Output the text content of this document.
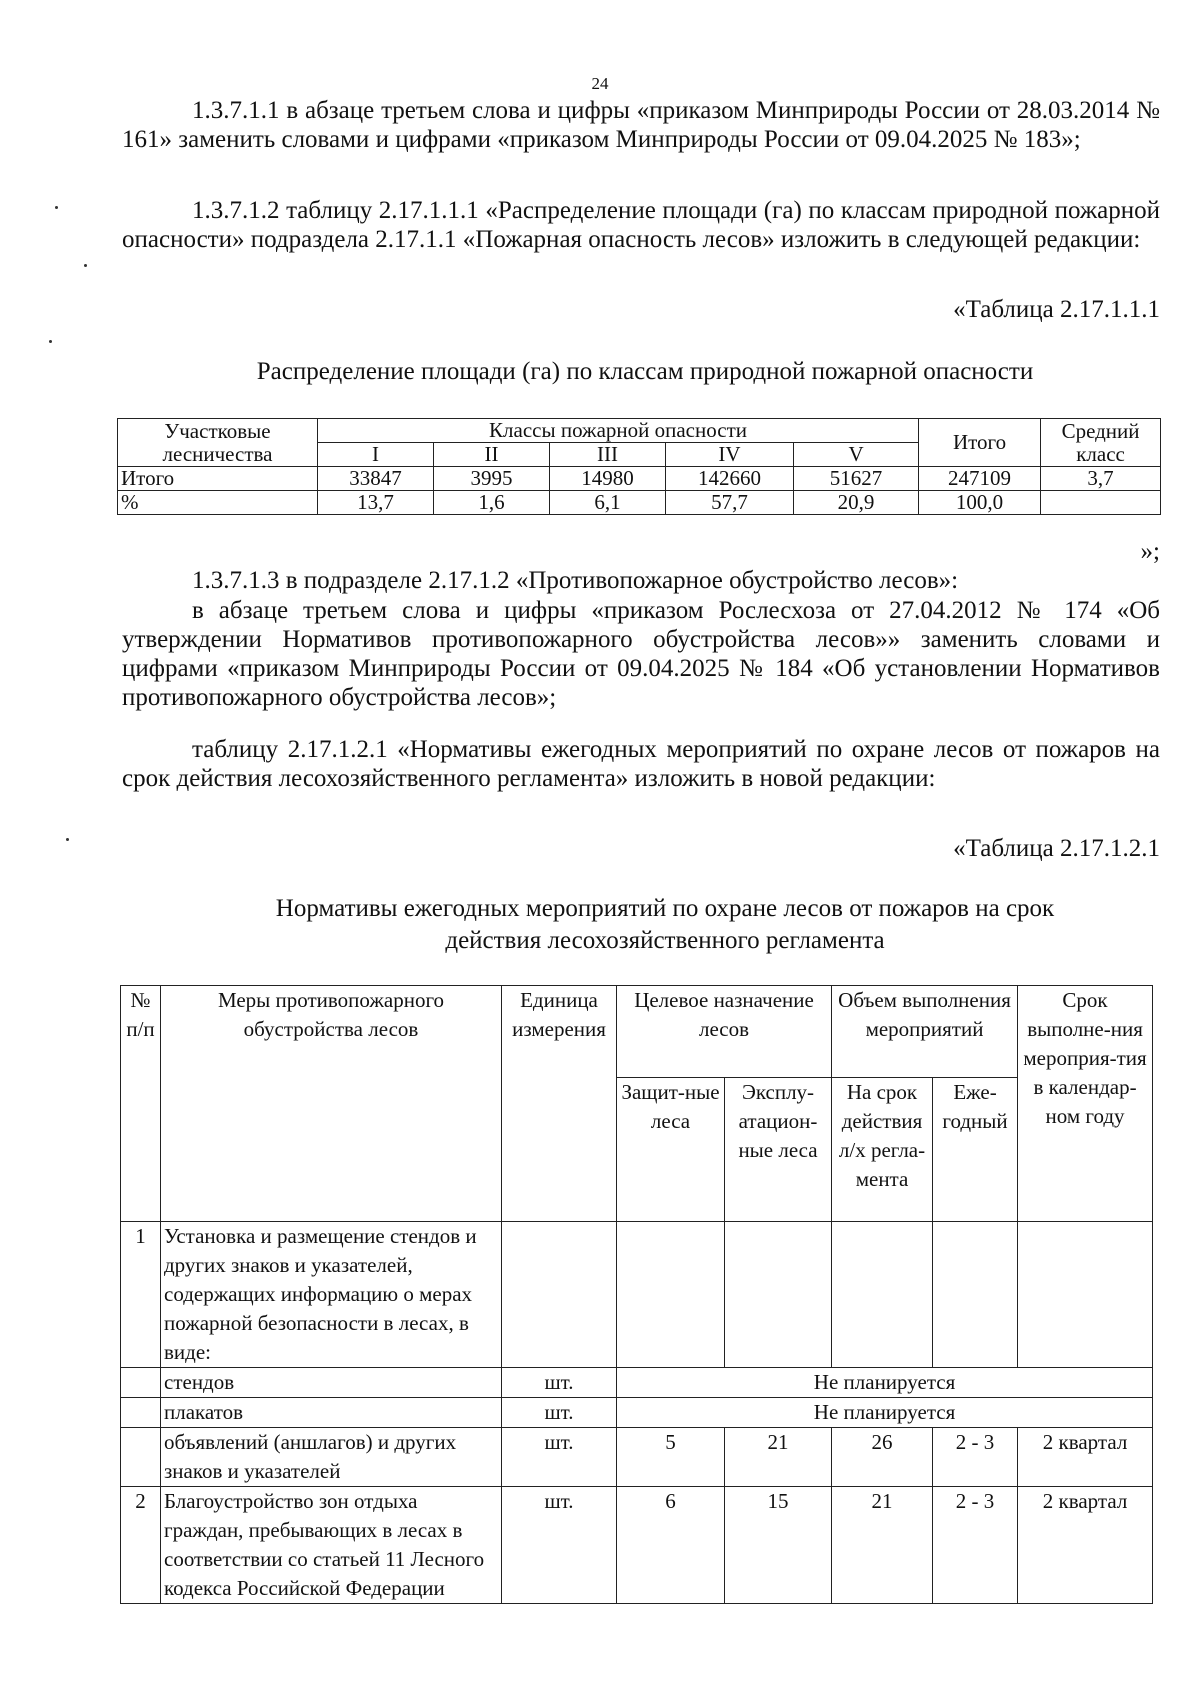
24

1.3.7.1.1 в абзаце третьем слова и цифры «приказом Минприроды России от 28.03.2014 № 161» заменить словами и цифрами «приказом Минприроды России от 09.04.2025 № 183»;

1.3.7.1.2 таблицу 2.17.1.1.1 «Распределение площади (га) по классам природной пожарной опасности» подраздела 2.17.1.1 «Пожарная опасность лесов» изложить в следующей редакции:

«Таблица 2.17.1.1.1

Распределение площади (га) по классам природной пожарной опасности

Участковые лесничества	Классы пожарной опасности					Итого	Средний класс
	I	II	III	IV	V		
Итого	33847	3995	14980	142660	51627	247109	3,7
%	13,7	1,6	6,1	57,7	20,9	100,0	

»;

1.3.7.1.3 в подразделе 2.17.1.2 «Противопожарное обустройство лесов»:

в абзаце третьем слова и цифры «приказом Рослесхоза от 27.04.2012 № 174 «Об утверждении Нормативов противопожарного обустройства лесов»» заменить словами и цифрами «приказом Минприроды России от 09.04.2025 № 184 «Об установлении Нормативов противопожарного обустройства лесов»;

таблицу 2.17.1.2.1 «Нормативы ежегодных мероприятий по охране лесов от пожаров на срок действия лесохозяйственного регламента» изложить в новой редакции:

«Таблица 2.17.1.2.1

Нормативы ежегодных мероприятий по охране лесов от пожаров на срок

действия лесохозяйственного регламента

№ п/п	Меры противопожарного обустройства лесов	Единица измерения	Целевое назначение лесов		Объем выполнения мероприятий		Срок выполне-ния мероприя-тия в календар-ном году
			Защит-ные леса	Эксплу-атацион-ные леса	На срок действия л/х регла-мента	Еже-годный	
1	Установка и размещение стендов и других знаков и указателей, содержащих информацию о мерах пожарной безопасности в лесах, в виде:						
	стендов	шт.	Не планируется				
	плакатов	шт.	Не планируется				
	объявлений (аншлагов) и других знаков и указателей	шт.	5	21	26	2 - 3	2 квартал
2	Благоустройство зон отдыха граждан, пребывающих в лесах в соответствии со статьей 11 Лесного кодекса Российской Федерации	шт.	6	15	21	2 - 3	2 квартал
